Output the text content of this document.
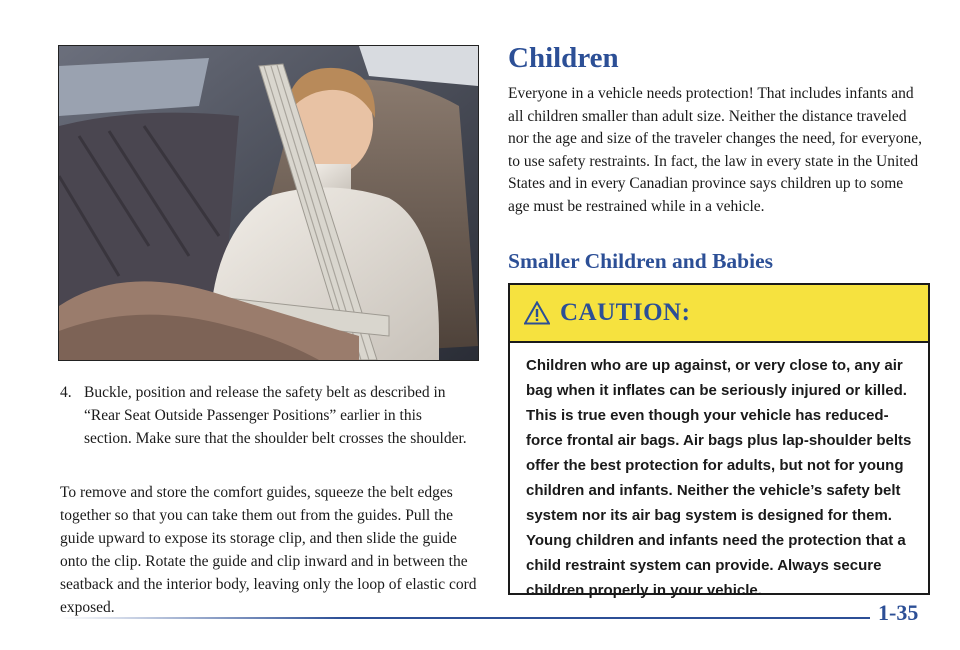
4. Buckle, position and release the safety belt as described in “Rear Seat Outside Passenger Positions” earlier in this section. Make sure that the shoulder belt crosses the shoulder.

To remove and store the comfort guides, squeeze the belt edges together so that you can take them out from the guides. Pull the guide upward to expose its storage clip, and then slide the guide onto the clip. Rotate the guide and clip inward and in between the seatback and the interior body, leaving only the loop of elastic cord exposed.

Children

Everyone in a vehicle needs protection! That includes infants and all children smaller than adult size. Neither the distance traveled nor the age and size of the traveler changes the need, for everyone, to use safety restraints. In fact, the law in every state in the United States and in every Canadian province says children up to some age must be restrained while in a vehicle.

Smaller Children and Babies
CAUTION:

Children who are up against, or very close to, any air bag when it inflates can be seriously injured or killed. This is true even though your vehicle has reduced-force frontal air bags. Air bags plus lap-shoulder belts offer the best protection for adults, but not for young children and infants. Neither the vehicle’s safety belt system nor its air bag system is designed for them. Young children and infants need the protection that a child restraint system can provide. Always secure children properly in your vehicle.

1-35
